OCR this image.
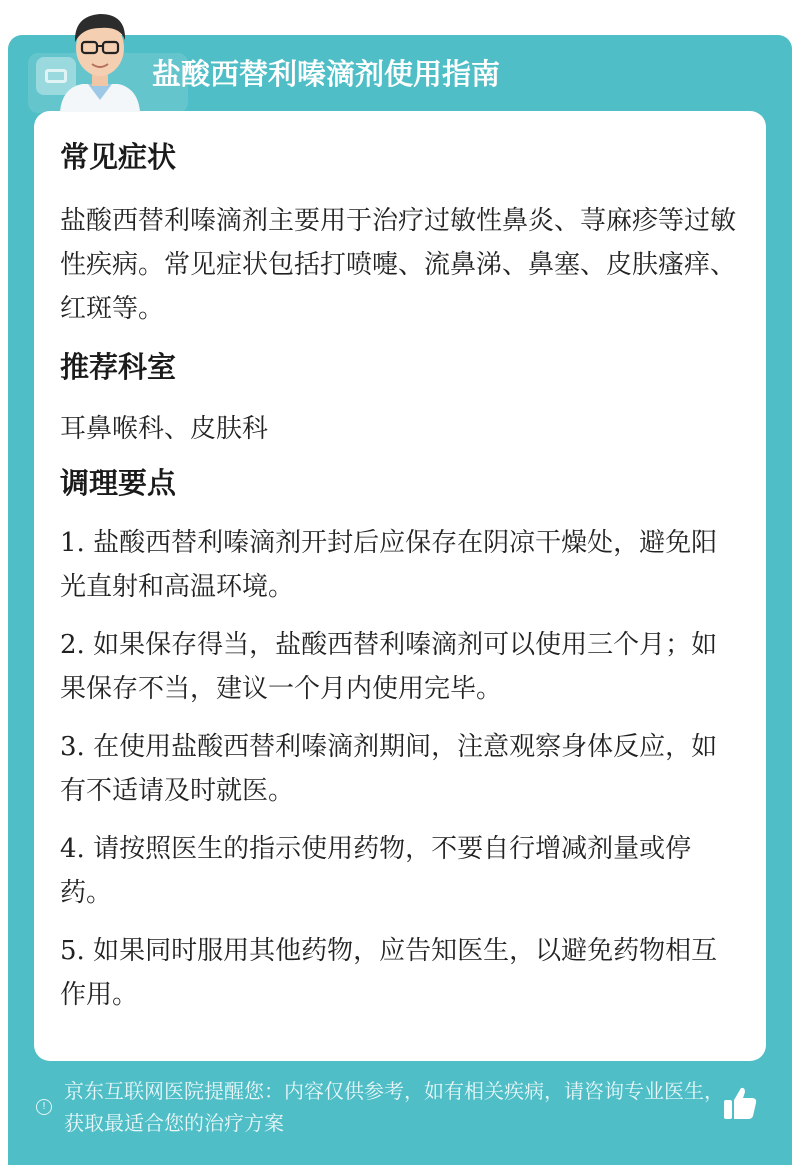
盐酸西替利嗪滴剂使用指南
常见症状

盐酸西替利嗪滴剂主要用于治疗过敏性鼻炎、荨麻疹等过敏性疾病。常见症状包括打喷嚏、流鼻涕、鼻塞、皮肤瘙痒、红斑等。

推荐科室

耳鼻喉科、皮肤科

调理要点
1. 盐酸西替利嗪滴剂开封后应保存在阴凉干燥处，避免阳光直射和高温环境。
2. 如果保存得当，盐酸西替利嗪滴剂可以使用三个月；如果保存不当，建议一个月内使用完毕。
3. 在使用盐酸西替利嗪滴剂期间，注意观察身体反应，如有不适请及时就医。
4. 请按照医生的指示使用药物，不要自行增减剂量或停药。
5. 如果同时服用其他药物，应告知医生，以避免药物相互作用。
!
京东互联网医院提醒您：内容仅供参考，如有相关疾病，请咨询专业医生，获取最适合您的治疗方案
